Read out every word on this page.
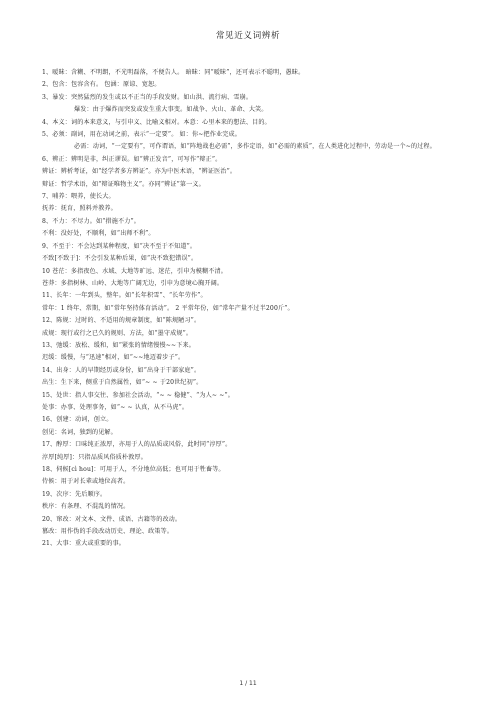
常见近义词辨析

1、暧昧：含糊、不明朗，不光明磊落，不便告人。 暗昧：同“暧昧”，还可表示不聪明，愚昧。

2、包含：包容含有。 包涵：原谅、宽恕。

3、暴发：突然猛烈的发生或以不正当的手段发财。如山洪、流行病、雪崩。

爆发：由于爆炸而突发或发生重大事变。如战争、火山、革命、大笑。

4、本义：词的本来意义，与引申义、比喻义相对。本意：心里本来的想法、目的。

5、必须：副词，用在动词之前，表示“一定要”。 如：你~把作业完成。

必需：动词，“一定要有”，可作谓语，如“阵地战也必需”，多作定语，如“必需的素质”，在人类进化过程中，劳动是一个~的过程。

6、辨正：辨明是非，纠正谬误。如“辨正发音”，可写作“辩正”。

辨证：辨析考证，如“经学者多方辨证”。亦为中医术语，“辨证医治”。

辩证：哲学术语，如“辩证唯物主义”。亦同“辨证”第一义。

7、哺养：喂养，使长大。

抚养：抚育，照料并教养。

8、不力：不尽力。如“措施不力”。

不利：没好处，不顺利，如“出师不利”。

9、不至于：不会达到某种程度，如“决不至于不知道”。

不致[不致于]：不会引发某种后果，如“决不致犯错误”。

10 苍茫：多指夜色、水域、大地等旷远、迷茫，引申为模糊不清。

苍莽：多指树林、山岭、大地等广阔无边，引申为意境心胸开阔。

11、长年：一年到头，整年。如“长年积雪”、“长年劳作”。

常年：1 终年、常期，如“常年坚持体育活动”。 2 平常年份，如“常年产量不过半200斤”。

12、陈规：过时的、不适用的规章制度，如“陈规陋习”。

成规：现行或行之已久的规则、方法，如“墨守成规”。

13、弛缓：放松、缓和，如“紧张的情绪慢慢~~下来。

迟缓：缓慢，与“迅速”相对，如“~~地迈着步子”。

14、出身：人的早期经历或身份，如“出身于干部家庭”。

出生：生下来，侧重于自然属性，如“~ ~ 于20世纪初”。

15、处世：指人事交往、参加社会活动，“~ ~ 稳健”、“为人~ ~”。

处事：办事、处理事务，如“~ ~ 认真，从不马虎”。

16、创建：动词，创立。

创见：名词，独到的见解。

17、醇厚：口味纯正浓厚，亦用于人的品质或风俗，此时同“淳厚”。

淳厚[纯厚]：只指品质风俗质朴敦厚。

18、伺候[cì hou]：可用于人，不分地位高低；也可用于牲畜等。

侍候：用于对长辈或地位高者。

19、次序：先后顺序。

秩序：有条理、不混乱的情况。

20、窜改：对文本、文件、成语、古籍等的改动。

篡改：用作伪的手段改动历史、理论、政策等。

21、大事：重大或重要的事。

1 / 11
